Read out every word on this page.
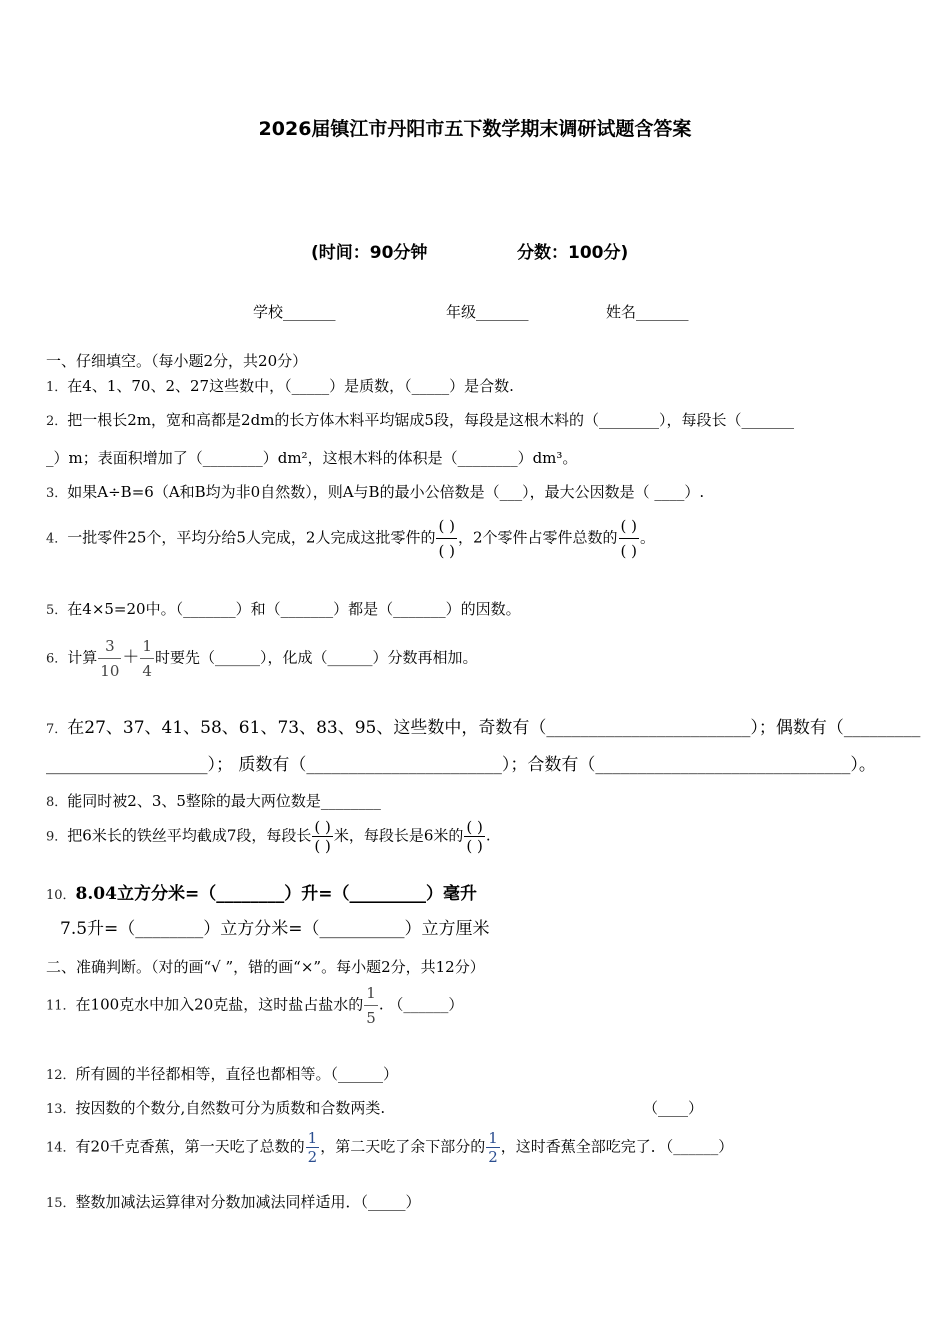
2026届镇江市丹阳市五下数学期末调研试题含答案
(时间：90分钟	分数：100分)
学校_______	年级_______	姓名_______
一、仔细填空。（每小题2分，共20分）
1．在4、1、70、2、27这些数中，（_____）是质数，（_____）是合数.
2．把一根长2m，宽和高都是2dm的长方体木料平均锯成5段，每段是这根木料的（________），每段长（_______
_）m；表面积增加了（________）dm²，这根木料的体积是（________）dm³。
3．如果A÷B=6（A和B均为非0自然数），则A与B的最小公倍数是（___），最大公因数是（ ____）.
4．一批零件25个，平均分给5人完成，2人完成这批零件的 $\frac{( )}{( )}$ ，2个零件占零件总数的 $\frac{( )}{( )}$ 。
5．在4×5=20中。（_______）和（_______）都是（_______）的因数。
6．计算 $\frac{3}{10} + \frac{1}{4}$ 时要先（______），化成（______）分数再相加。
7．在27、37、41、58、61、73、83、95、这些数中，奇数有（________________________）；偶数有（_________
___________________）； 质数有（_______________________）；合数有（______________________________）。
8．能同时被2、3、5整除的最大两位数是________
9．把6米长的铁丝平均截成7段，每段长 $\frac{( )}{( )}$ 米，每段长是6米的 $\frac{( )}{( )}$ .
10．8.04立方分米=（________）升=（_________）毫升
7.5升=（________）立方分米=（__________）立方厘米
二、准确判断。（对的画“√ ”，错的画“×”。每小题2分，共12分）
11．在100克水中加入20克盐，这时盐占盐水的 $\frac{1}{5}$ . （______）
12．所有圆的半径都相等，直径也都相等。（______）
13．按因数的个数分,自然数可分为质数和合数两类.	（____）
14．有20千克香蕉，第一天吃了总数的 $\frac{1}{2}$ ，第二天吃了余下部分的 $\frac{1}{2}$ ，这时香蕉全部吃完了．（______）
15．整数加减法运算律对分数加减法同样适用．（_____）
